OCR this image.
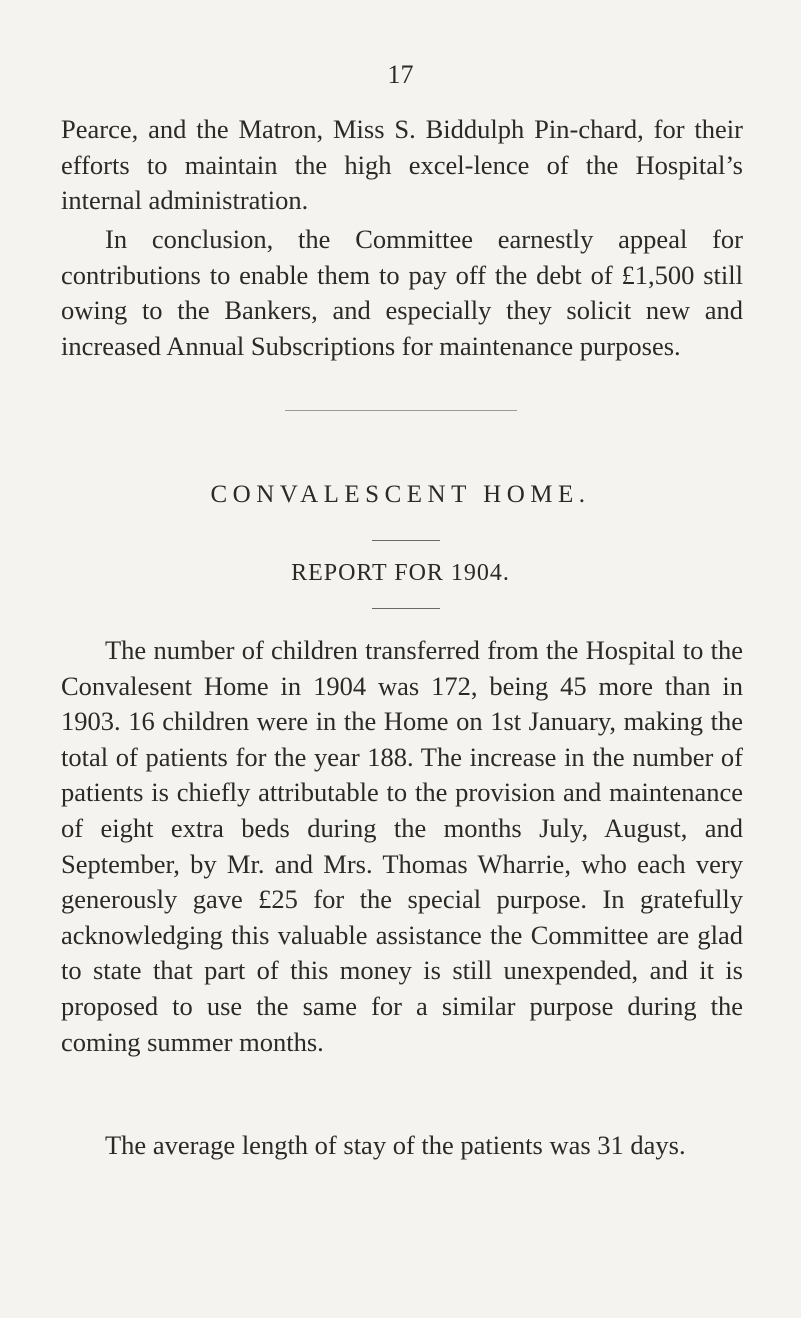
17

Pearce, and the Matron, Miss S. Biddulph Pin-chard, for their efforts to maintain the high excel-lence of the Hospital’s internal administration.

In conclusion, the Committee earnestly appeal for contributions to enable them to pay off the debt of £1,500 still owing to the Bankers, and especially they solicit new and increased Annual Subscriptions for maintenance purposes.

CONVALESCENT HOME.
REPORT FOR 1904.

The number of children transferred from the Hospital to the Convalesent Home in 1904 was 172, being 45 more than in 1903. 16 children were in the Home on 1st January, making the total of patients for the year 188. The increase in the number of patients is chiefly attributable to the provision and maintenance of eight extra beds during the months July, August, and September, by Mr. and Mrs. Thomas Wharrie, who each very generously gave £25 for the special purpose. In gratefully acknowledging this valuable assistance the Committee are glad to state that part of this money is still unexpended, and it is proposed to use the same for a similar purpose during the coming summer months.

The average length of stay of the patients was 31 days.
